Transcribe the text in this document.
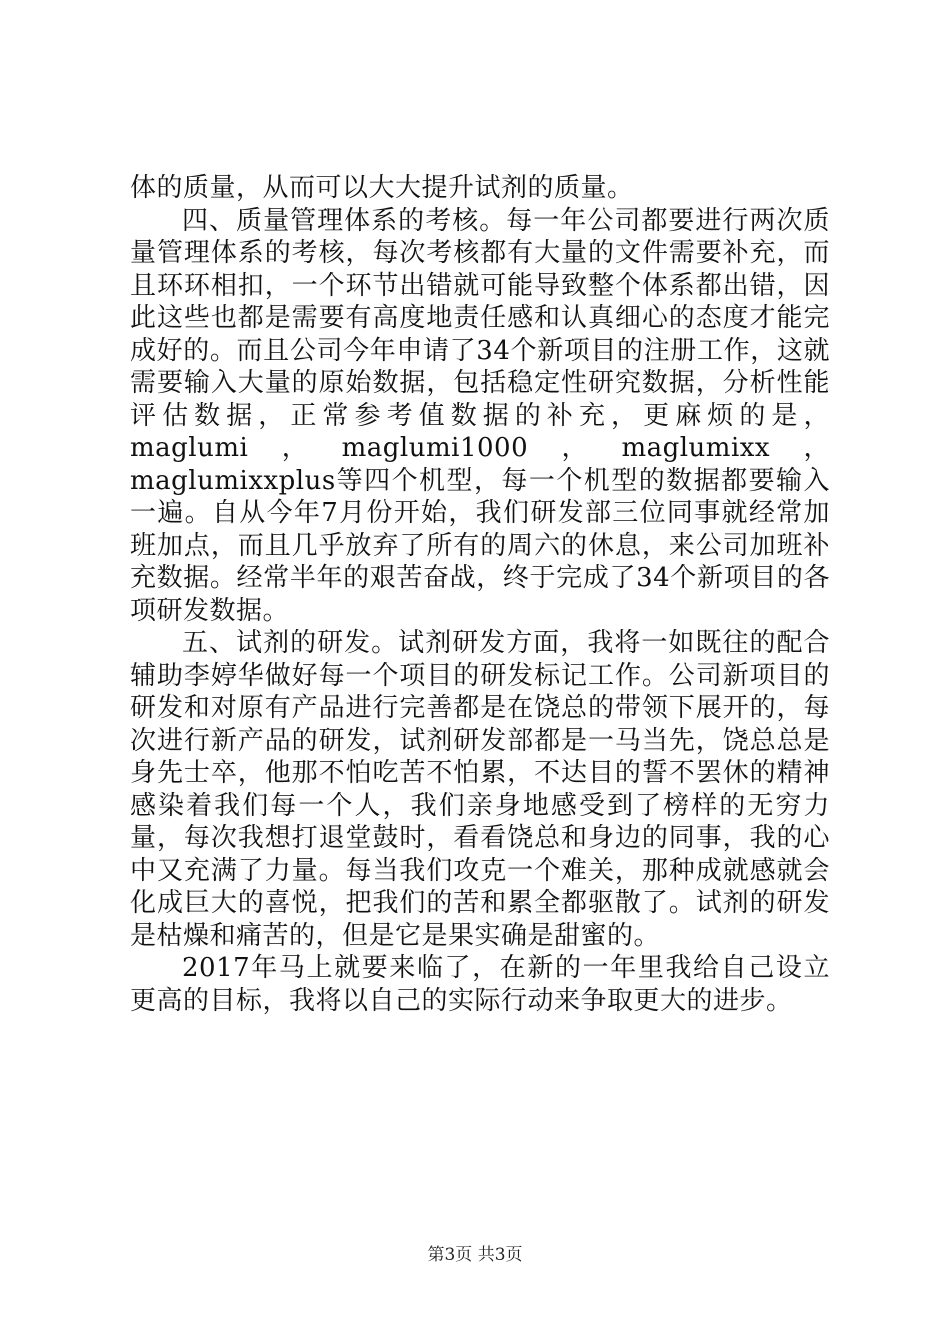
体的质量，从而可以大大提升试剂的质量。

四、质量管理体系的考核。每一年公司都要进行两次质量管理体系的考核，每次考核都有大量的文件需要补充，而且环环相扣，一个环节出错就可能导致整个体系都出错，因此这些也都是需要有高度地责任感和认真细心的态度才能完成好的。而且公司今年申请了34个新项目的注册工作，这就需要输入大量的原始数据，包括稳定性研究数据，分析性能评估数据，正常参考值数据的补充，更麻烦的是，maglumi，maglumi1000，maglumixx，maglumixxplus等四个机型，每一个机型的数据都要输入一遍。自从今年7月份开始，我们研发部三位同事就经常加班加点，而且几乎放弃了所有的周六的休息，来公司加班补充数据。经常半年的艰苦奋战，终于完成了34个新项目的各项研发数据。

五、试剂的研发。试剂研发方面，我将一如既往的配合辅助李婷华做好每一个项目的研发标记工作。公司新项目的研发和对原有产品进行完善都是在饶总的带领下展开的，每次进行新产品的研发，试剂研发部都是一马当先，饶总总是身先士卒，他那不怕吃苦不怕累，不达目的誓不罢休的精神感染着我们每一个人，我们亲身地感受到了榜样的无穷力量，每次我想打退堂鼓时，看看饶总和身边的同事，我的心中又充满了力量。每当我们攻克一个难关，那种成就感就会化成巨大的喜悦，把我们的苦和累全都驱散了。试剂的研发是枯燥和痛苦的，但是它是果实确是甜蜜的。

2017年马上就要来临了，在新的一年里我给自己设立更高的目标，我将以自己的实际行动来争取更大的进步。

第3页 共3页
